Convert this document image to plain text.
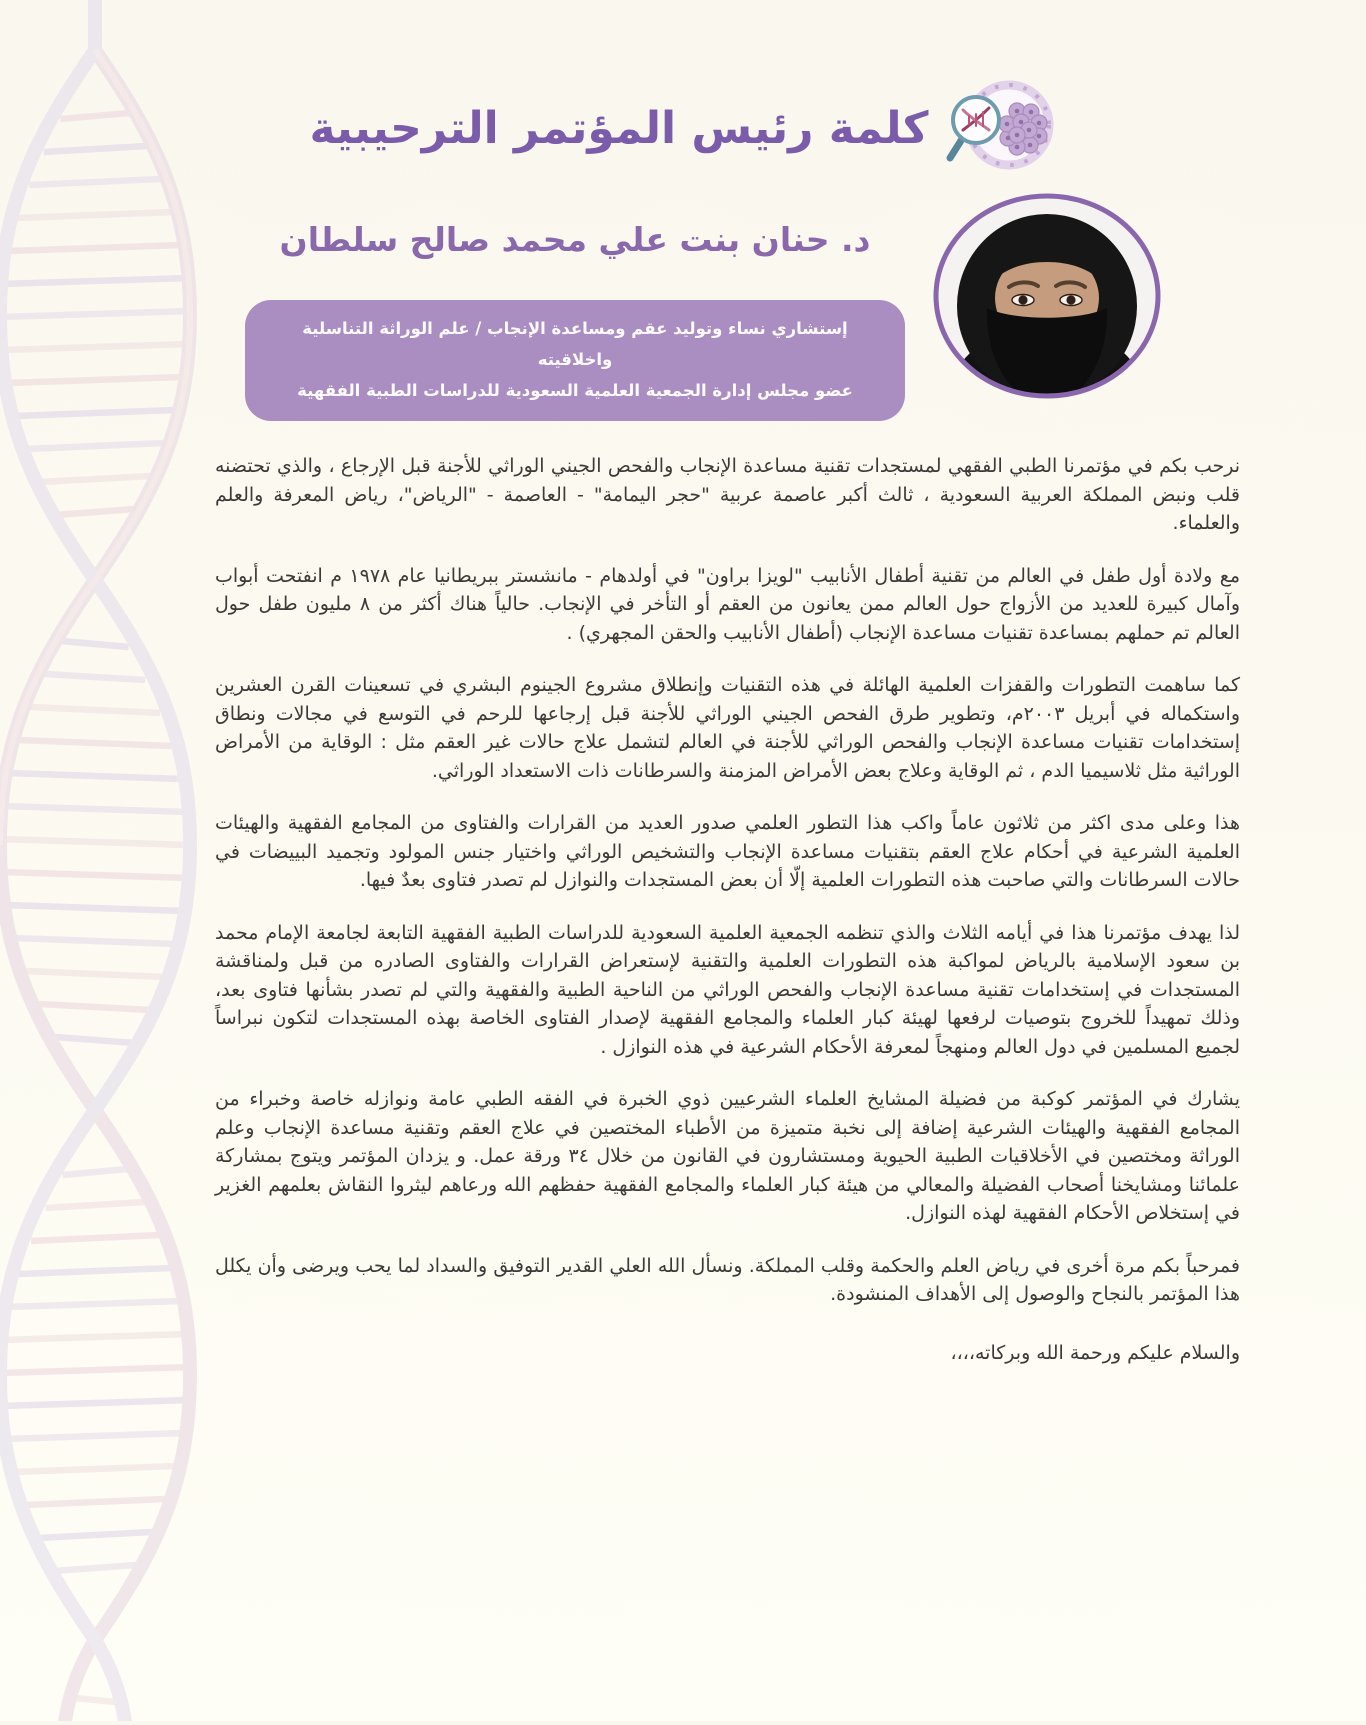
كلمة رئيس المؤتمر الترحيبية
د. حنان بنت علي محمد صالح سلطان
إستشاري نساء وتوليد عقم ومساعدة الإنجاب / علم الوراثة التناسلية واخلاقيته
عضو مجلس إدارة الجمعية العلمية السعودية للدراسات الطبية الفقهية

نرحب بكم في مؤتمرنا الطبي الفقهي لمستجدات تقنية مساعدة الإنجاب والفحص الجيني الوراثي للأجنة قبل الإرجاع ، والذي تحتضنه قلب ونبض المملكة العربية السعودية ، ثالث أكبر عاصمة عربية "حجر اليمامة" - العاصمة - "الرياض"، رياض المعرفة والعلم والعلماء.

مع ولادة أول طفل في العالم من تقنية أطفال الأنابيب "لويزا براون" في أولدهام - مانشستر ببريطانيا عام ١٩٧٨ م انفتحت أبواب وآمال كبيرة للعديد من الأزواج حول العالم ممن يعانون من العقم أو التأخر في الإنجاب. حالياً هناك أكثر من ٨ مليون طفل حول العالم تم حملهم بمساعدة تقنيات مساعدة الإنجاب (أطفال الأنابيب والحقن المجهري) .

كما ساهمت التطورات والقفزات العلمية الهائلة في هذه التقنيات وإنطلاق مشروع الجينوم البشري في تسعينات القرن العشرين واستكماله في أبريل ٢٠٠٣م، وتطوير طرق الفحص الجيني الوراثي للأجنة قبل إرجاعها للرحم في التوسع في مجالات ونطاق إستخدامات تقنيات مساعدة الإنجاب والفحص الوراثي للأجنة في العالم لتشمل علاج حالات غير العقم مثل : الوقاية من الأمراض الوراثية مثل ثلاسيميا الدم ، ثم الوقاية وعلاج بعض الأمراض المزمنة والسرطانات ذات الاستعداد الوراثي.

هذا وعلى مدى اكثر من ثلاثون عاماً واكب هذا التطور العلمي صدور العديد من القرارات والفتاوى من المجامع الفقهية والهيئات العلمية الشرعية في أحكام علاج العقم بتقنيات مساعدة الإنجاب والتشخيص الوراثي واختيار جنس المولود وتجميد البييضات في حالات السرطانات والتي صاحبت هذه التطورات العلمية إلّا أن بعض المستجدات والنوازل لم تصدر فتاوى بعدٌ فيها.

لذا يهدف مؤتمرنا هذا في أيامه الثلاث والذي تنظمه الجمعية العلمية السعودية للدراسات الطبية الفقهية التابعة لجامعة الإمام محمد بن سعود الإسلامية بالرياض لمواكبة هذه التطورات العلمية والتقنية لإستعراض القرارات والفتاوى الصادره من قبل ولمناقشة المستجدات في إستخدامات تقنية مساعدة الإنجاب والفحص الوراثي من الناحية الطبية والفقهية والتي لم تصدر بشأنها فتاوى بعد، وذلك تمهيداً للخروج بتوصيات لرفعها لهيئة كبار العلماء والمجامع الفقهية لإصدار الفتاوى الخاصة بهذه المستجدات لتكون نبراساً لجميع المسلمين في دول العالم ومنهجاً لمعرفة الأحكام الشرعية في هذه النوازل .

يشارك في المؤتمر كوكبة من فضيلة المشايخ العلماء الشرعيين ذوي الخبرة في الفقه الطبي عامة ونوازله خاصة وخبراء من المجامع الفقهية والهيئات الشرعية إضافة إلى نخبة متميزة من الأطباء المختصين في علاج العقم وتقنية مساعدة الإنجاب وعلم الوراثة ومختصين في الأخلاقيات الطبية الحيوية ومستشارون في القانون من خلال ٣٤ ورقة عمل. و يزدان المؤتمر ويتوج بمشاركة علمائنا ومشايخنا أصحاب الفضيلة والمعالي من هيئة كبار العلماء والمجامع الفقهية حفظهم الله ورعاهم ليثروا النقاش بعلمهم الغزير في إستخلاص الأحكام الفقهية لهذه النوازل.

فمرحباً بكم مرة أخرى في رياض العلم والحكمة وقلب المملكة. ونسأل الله العلي القدير التوفيق والسداد لما يحب ويرضى وأن يكلل هذا المؤتمر بالنجاح والوصول إلى الأهداف المنشودة.

والسلام عليكم ورحمة الله وبركاته،،،،
